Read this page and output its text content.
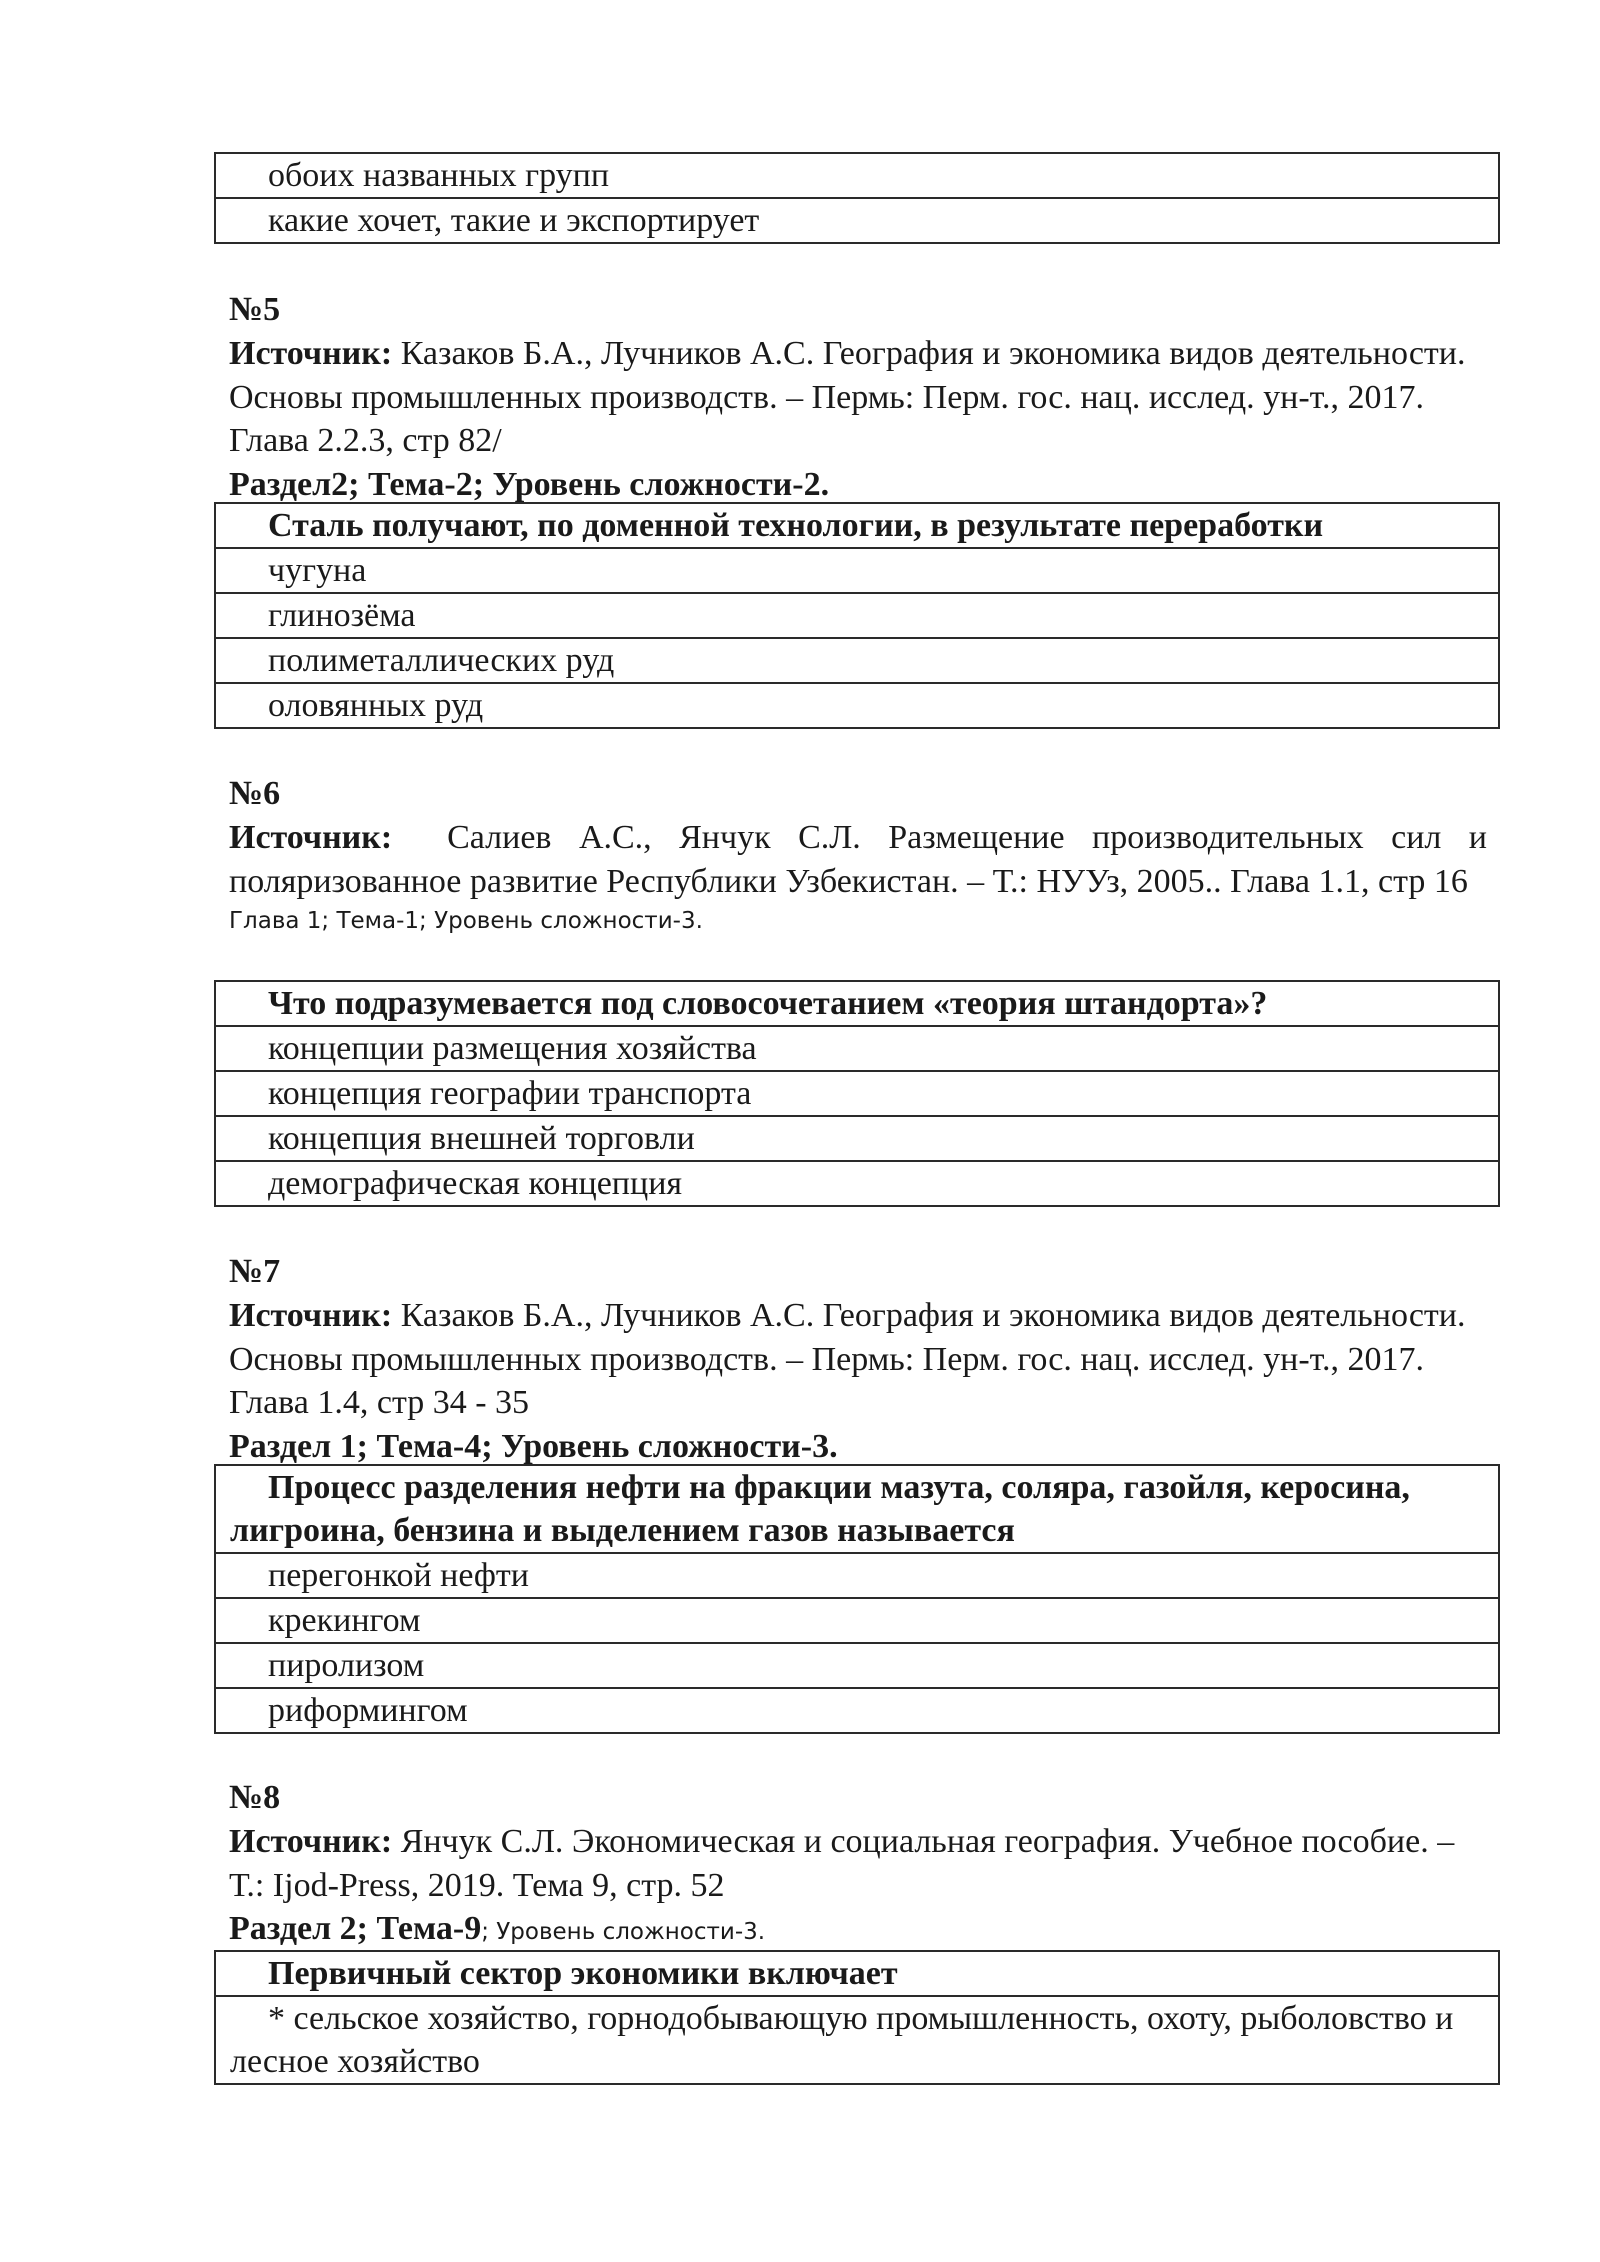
обоих названных групп
какие хочет, такие и экспортирует
№5
Источник: Казаков Б.А., Лучников А.С. География и экономика видов деятельности. Основы промышленных производств. – Пермь: Перм. гос. нац. исслед. ун-т., 2017. Глава 2.2.3, стр 82/
Раздел2; Тема-2; Уровень сложности-2.
Сталь получают, по доменной технологии, в результате переработки
чугуна
глинозёма
полиметаллических руд
оловянных руд
№6
Источник: Салиев А.С., Янчук С.Л. Размещение производительных сил и поляризованное развитие Республики Узбекистан. – Т.: НУУз, 2005.. Глава 1.1, стр 16
Глава 1; Тема-1; Уровень сложности-3.
Что подразумевается под словосочетанием «теория штандорта»?
концепции размещения хозяйства
концепция географии транспорта
концепция внешней торговли
демографическая концепция
№7
Источник: Казаков Б.А., Лучников А.С. География и экономика видов деятельности. Основы промышленных производств. – Пермь: Перм. гос. нац. исслед. ун-т., 2017. Глава 1.4, стр 34 - 35
Раздел 1; Тема-4; Уровень сложности-3.
Процесс разделения нефти на фракции мазута, соляра, газойля, керосина, лигроина, бензина и выделением газов называется
перегонкой нефти
крекингом
пиролизом
риформингом
№8
Источник: Янчук С.Л. Экономическая и социальная география. Учебное пособие. – Т.: Ijod-Press, 2019. Тема 9, стр. 52
Раздел 2; Тема-9; Уровень сложности-3.
Первичный сектор экономики включает
* сельское хозяйство, горнодобывающую промышленность, охоту, рыболовство и лесное хозяйство
